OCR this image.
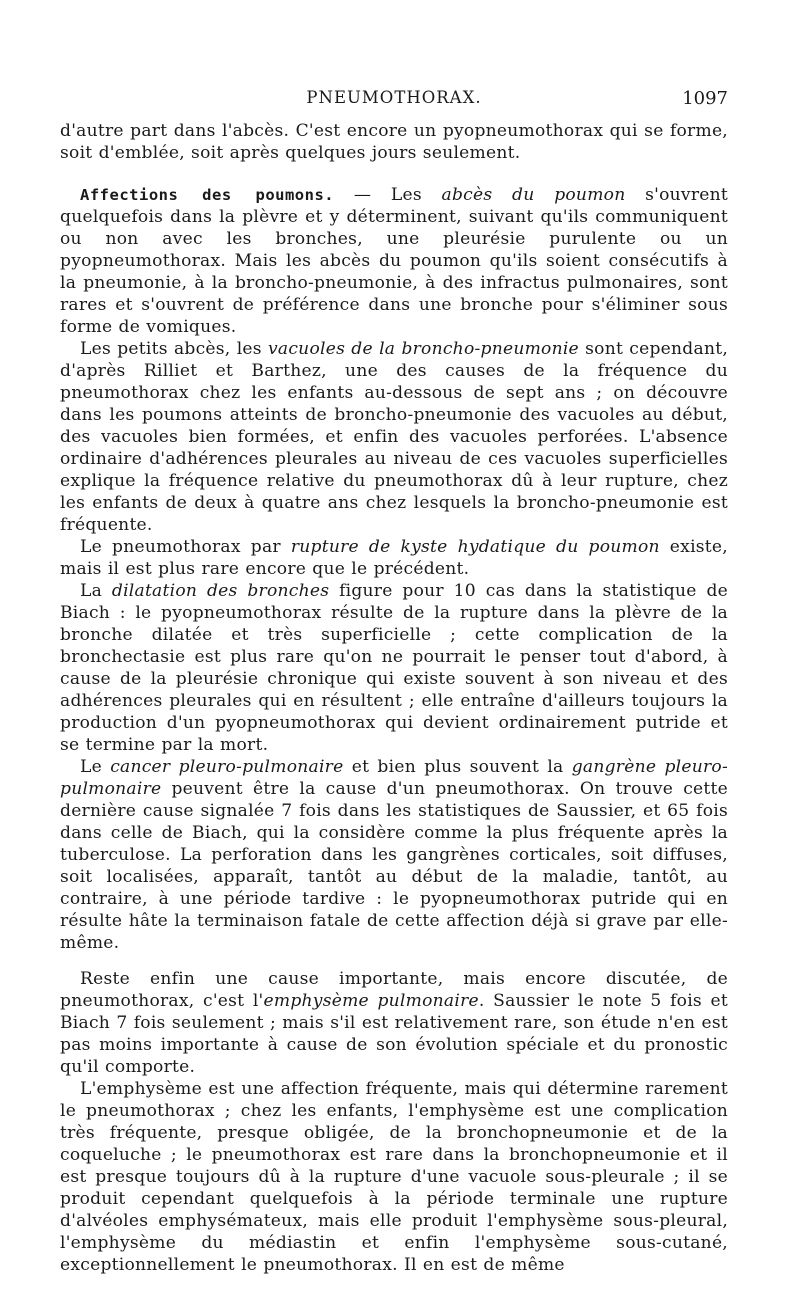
PNEUMOTHORAX.	1097

d'autre part dans l'abcès. C'est encore un pyopneumothorax qui se forme, soit d'emblée, soit après quelques jours seulement.

Affections des poumons. — Les abcès du poumon s'ouvrent quelquefois dans la plèvre et y déterminent, suivant qu'ils communiquent ou non avec les bronches, une pleurésie purulente ou un pyopneumothorax. Mais les abcès du poumon qu'ils soient consécutifs à la pneumonie, à la broncho-pneumonie, à des infractus pulmonaires, sont rares et s'ouvrent de préférence dans une bronche pour s'éliminer sous forme de vomiques.

Les petits abcès, les vacuoles de la broncho-pneumonie sont cependant, d'après Rilliet et Barthez, une des causes de la fréquence du pneumothorax chez les enfants au-dessous de sept ans ; on découvre dans les poumons atteints de broncho-pneumonie des vacuoles au début, des vacuoles bien formées, et enfin des vacuoles perforées. L'absence ordinaire d'adhérences pleurales au niveau de ces vacuoles superficielles explique la fréquence relative du pneumothorax dû à leur rupture, chez les enfants de deux à quatre ans chez lesquels la broncho-pneumonie est fréquente.

Le pneumothorax par rupture de kyste hydatique du poumon existe, mais il est plus rare encore que le précédent.

La dilatation des bronches figure pour 10 cas dans la statistique de Biach : le pyopneumothorax résulte de la rupture dans la plèvre de la bronche dilatée et très superficielle ; cette complication de la bronchectasie est plus rare qu'on ne pourrait le penser tout d'abord, à cause de la pleurésie chronique qui existe souvent à son niveau et des adhérences pleurales qui en résultent ; elle entraîne d'ailleurs toujours la production d'un pyopneumothorax qui devient ordinairement putride et se termine par la mort.

Le cancer pleuro-pulmonaire et bien plus souvent la gangrène pleuro-pulmonaire peuvent être la cause d'un pneumothorax. On trouve cette dernière cause signalée 7 fois dans les statistiques de Saussier, et 65 fois dans celle de Biach, qui la considère comme la plus fréquente après la tuberculose. La perforation dans les gangrènes corticales, soit diffuses, soit localisées, apparaît, tantôt au début de la maladie, tantôt, au contraire, à une période tardive : le pyopneumothorax putride qui en résulte hâte la terminaison fatale de cette affection déjà si grave par elle-même.

Reste enfin une cause importante, mais encore discutée, de pneumothorax, c'est l'emphysème pulmonaire. Saussier le note 5 fois et Biach 7 fois seulement ; mais s'il est relativement rare, son étude n'en est pas moins importante à cause de son évolution spéciale et du pronostic qu'il comporte.

L'emphysème est une affection fréquente, mais qui détermine rarement le pneumothorax ; chez les enfants, l'emphysème est une complication très fréquente, presque obligée, de la bronchopneumonie et de la coqueluche ; le pneumothorax est rare dans la bronchopneumonie et il est presque toujours dû à la rupture d'une vacuole sous-pleurale ; il se produit cependant quelquefois à la période terminale une rupture d'alvéoles emphysémateux, mais elle produit l'emphysème sous-pleural, l'emphysème du médiastin et enfin l'emphysème sous-cutané, exceptionnellement le pneumothorax. Il en est de même
